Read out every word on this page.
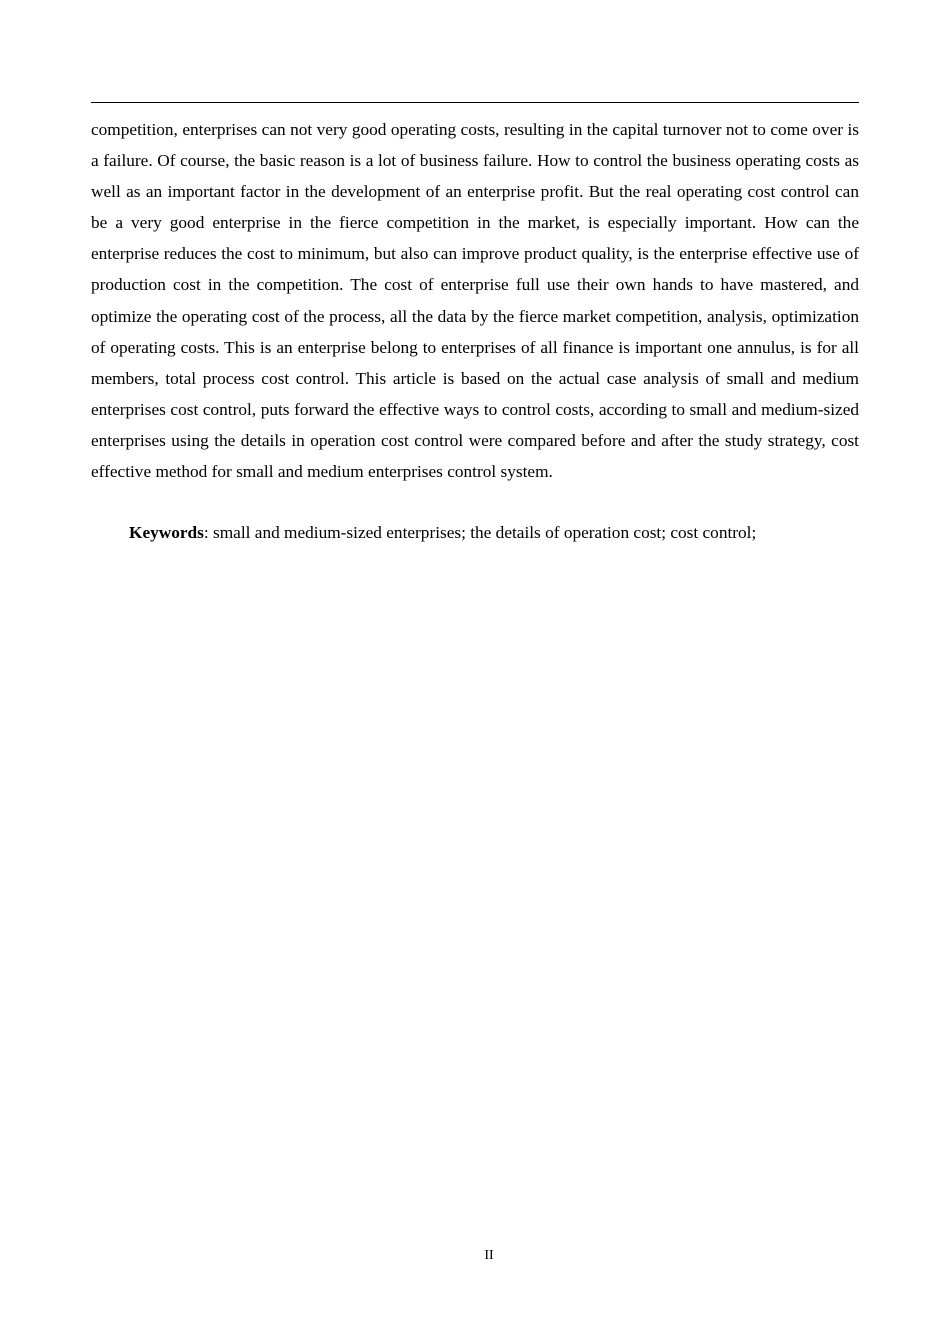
competition, enterprises can not very good operating costs, resulting in the capital turnover not to come over is a failure. Of course, the basic reason is a lot of business failure. How to control the business operating costs as well as an important factor in the development of an enterprise profit. But the real operating cost control can be a very good enterprise in the fierce competition in the market, is especially important. How can the enterprise reduces the cost to minimum, but also can improve product quality, is the enterprise effective use of production cost in the competition. The cost of enterprise full use their own hands to have mastered, and optimize the operating cost of the process, all the data by the fierce market competition, analysis, optimization of operating costs. This is an enterprise belong to enterprises of all finance is important one annulus, is for all members, total process cost control. This article is based on the actual case analysis of small and medium enterprises cost control, puts forward the effective ways to control costs, according to small and medium-sized enterprises using the details in operation cost control were compared before and after the study strategy, cost effective method for small and medium enterprises control system.

Keywords: small and medium-sized enterprises; the details of operation cost; cost control;

II
